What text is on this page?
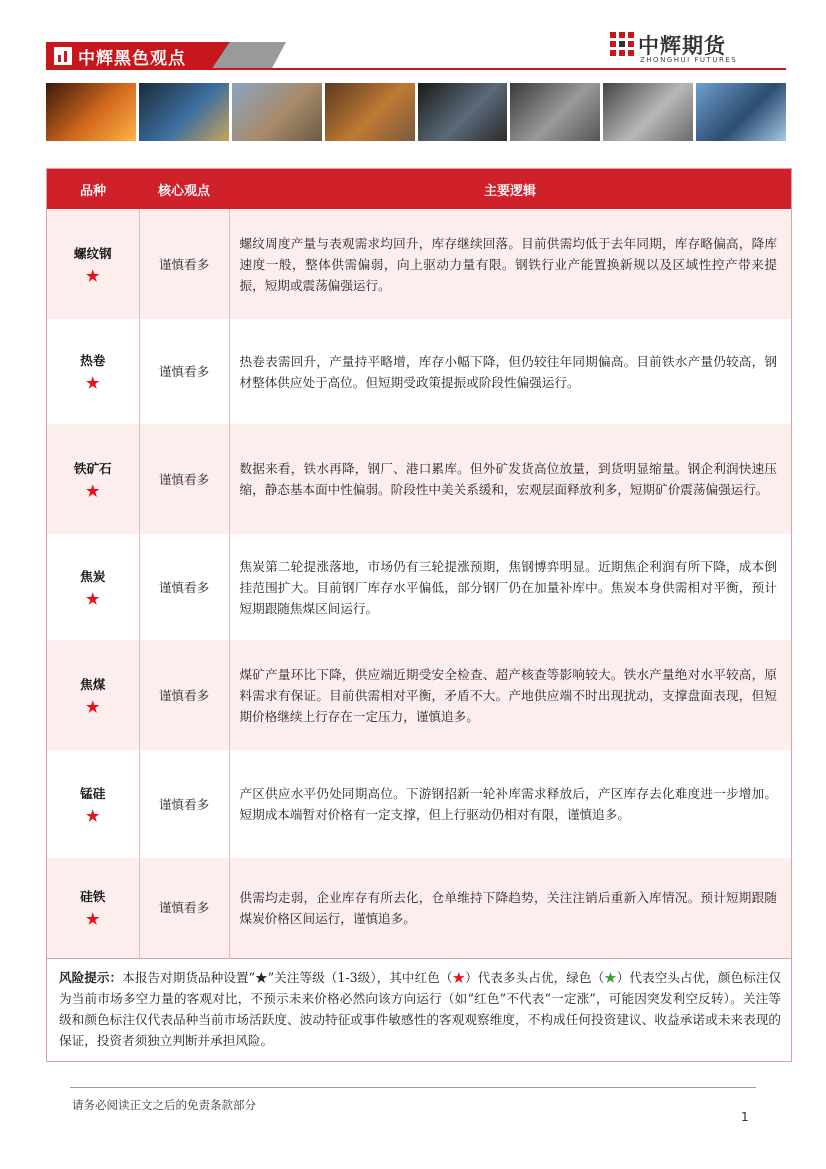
中辉黑色观点
中辉期货
ZHONGHUI FUTURES
品种	核心观点	主要逻辑
螺纹钢
★	谨慎看多	螺纹周度产量与表观需求均回升，库存继续回落。目前供需均低于去年同期，库存略偏高，降库速度一般，整体供需偏弱，向上驱动力量有限。钢铁行业产能置换新规以及区域性控产带来提振，短期或震荡偏强运行。
热卷
★	谨慎看多	热卷表需回升，产量持平略增，库存小幅下降，但仍较往年同期偏高。目前铁水产量仍较高，钢材整体供应处于高位。但短期受政策提振或阶段性偏强运行。
铁矿石
★	谨慎看多	数据来看，铁水再降，钢厂、港口累库。但外矿发货高位放量，到货明显缩量。钢企利润快速压缩，静态基本面中性偏弱。阶段性中美关系缓和，宏观层面释放利多，短期矿价震荡偏强运行。
焦炭
★	谨慎看多	焦炭第二轮提涨落地，市场仍有三轮提涨预期，焦钢博弈明显。近期焦企利润有所下降，成本倒挂范围扩大。目前钢厂库存水平偏低，部分钢厂仍在加量补库中。焦炭本身供需相对平衡，预计短期跟随焦煤区间运行。
焦煤
★	谨慎看多	煤矿产量环比下降，供应端近期受安全检查、超产核查等影响较大。铁水产量绝对水平较高，原料需求有保证。目前供需相对平衡，矛盾不大。产地供应端不时出现扰动，支撑盘面表现，但短期价格继续上行存在一定压力，谨慎追多。
锰硅
★	谨慎看多	产区供应水平仍处同期高位。下游钢招新一轮补库需求释放后，产区库存去化难度进一步增加。短期成本端暂对价格有一定支撑，但上行驱动仍相对有限，谨慎追多。
硅铁
★	谨慎看多	供需均走弱，企业库存有所去化，仓单维持下降趋势，关注注销后重新入库情况。预计短期跟随煤炭价格区间运行，谨慎追多。
风险提示：本报告对期货品种设置“★”关注等级（1-3级），其中红色（★）代表多头占优，绿色（★）代表空头占优，颜色标注仅为当前市场多空力量的客观对比，不预示未来价格必然向该方向运行（如“红色”不代表“一定涨”，可能因突发利空反转）。关注等级和颜色标注仅代表品种当前市场活跃度、波动特征或事件敏感性的客观观察维度，不构成任何投资建议、收益承诺或未来表现的保证，投资者须独立判断并承担风险。		
请务必阅读正文之后的免责条款部分
1
